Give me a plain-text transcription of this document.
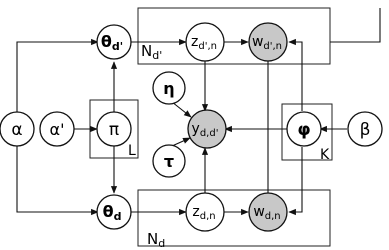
$N_{d'}$
$N_d$
L	K
α α'	π
θd'
θd
$z_{d',n}$ $w_{d',n}$
$z_{d,n}$	$w_{d,n}$
η
τ
$y_{d,d'}$	φ	β
